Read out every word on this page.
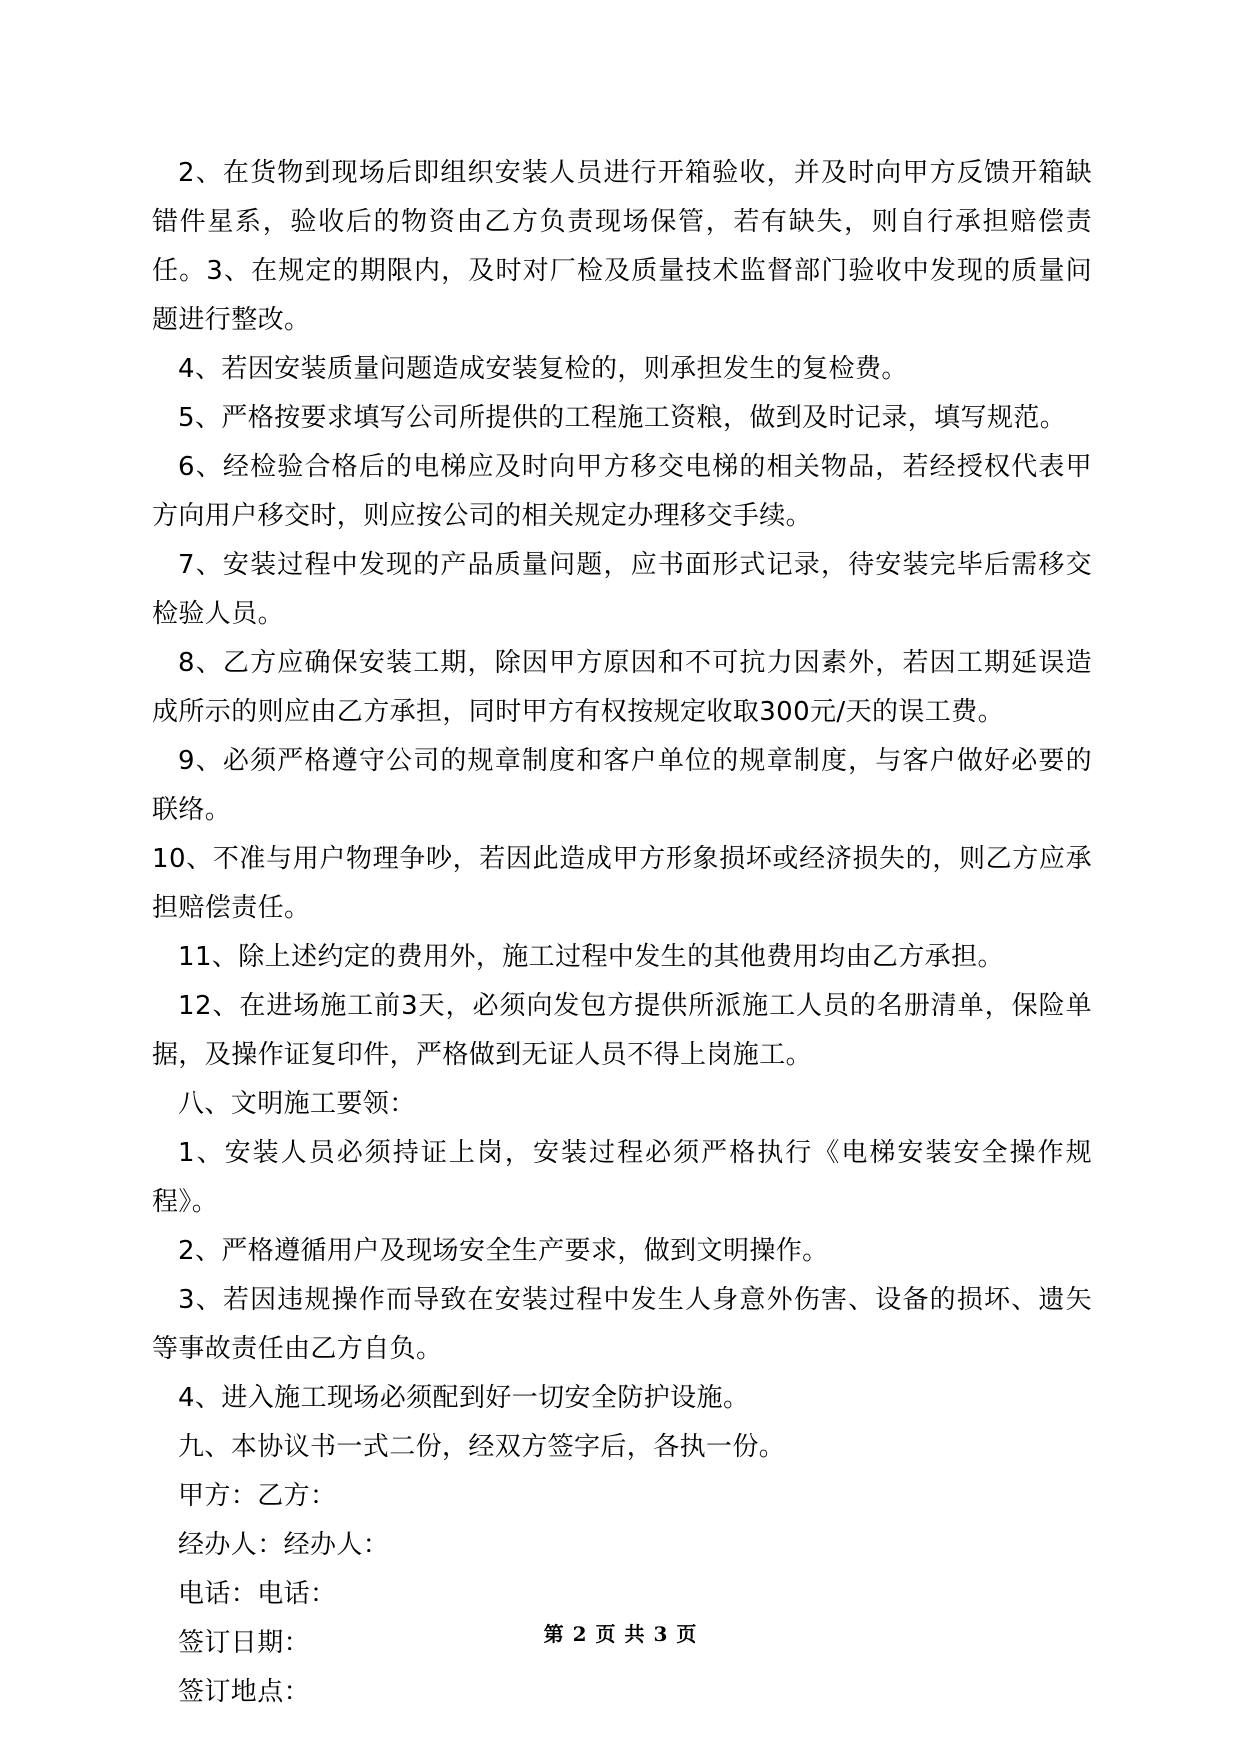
2、在货物到现场后即组织安装人员进行开箱验收，并及时向甲方反馈开箱缺错件星系，验收后的物资由乙方负责现场保管，若有缺失，则自行承担赔偿责任。3、在规定的期限内，及时对厂检及质量技术监督部门验收中发现的质量问题进行整改。

4、若因安装质量问题造成安装复检的，则承担发生的复检费。

5、严格按要求填写公司所提供的工程施工资粮，做到及时记录，填写规范。

6、经检验合格后的电梯应及时向甲方移交电梯的相关物品，若经授权代表甲方向用户移交时，则应按公司的相关规定办理移交手续。

7、安装过程中发现的产品质量问题，应书面形式记录，待安装完毕后需移交检验人员。

8、乙方应确保安装工期，除因甲方原因和不可抗力因素外，若因工期延误造成所示的则应由乙方承担，同时甲方有权按规定收取300元/天的误工费。

9、必须严格遵守公司的规章制度和客户单位的规章制度，与客户做好必要的联络。

10、不准与用户物理争吵，若因此造成甲方形象损坏或经济损失的，则乙方应承担赔偿责任。

11、除上述约定的费用外，施工过程中发生的其他费用均由乙方承担。

12、在进场施工前3天，必须向发包方提供所派施工人员的名册清单，保险单据，及操作证复印件，严格做到无证人员不得上岗施工。

八、文明施工要领：

1、安装人员必须持证上岗，安装过程必须严格执行《电梯安装安全操作规程》。

2、严格遵循用户及现场安全生产要求，做到文明操作。

3、若因违规操作而导致在安装过程中发生人身意外伤害、设备的损坏、遗矢等事故责任由乙方自负。

4、进入施工现场必须配到好一切安全防护设施。

九、本协议书一式二份，经双方签字后，各执一份。

甲方：乙方：

经办人：经办人：

电话：电话：

签订日期：

签订地点：

第 2 页 共 3 页
